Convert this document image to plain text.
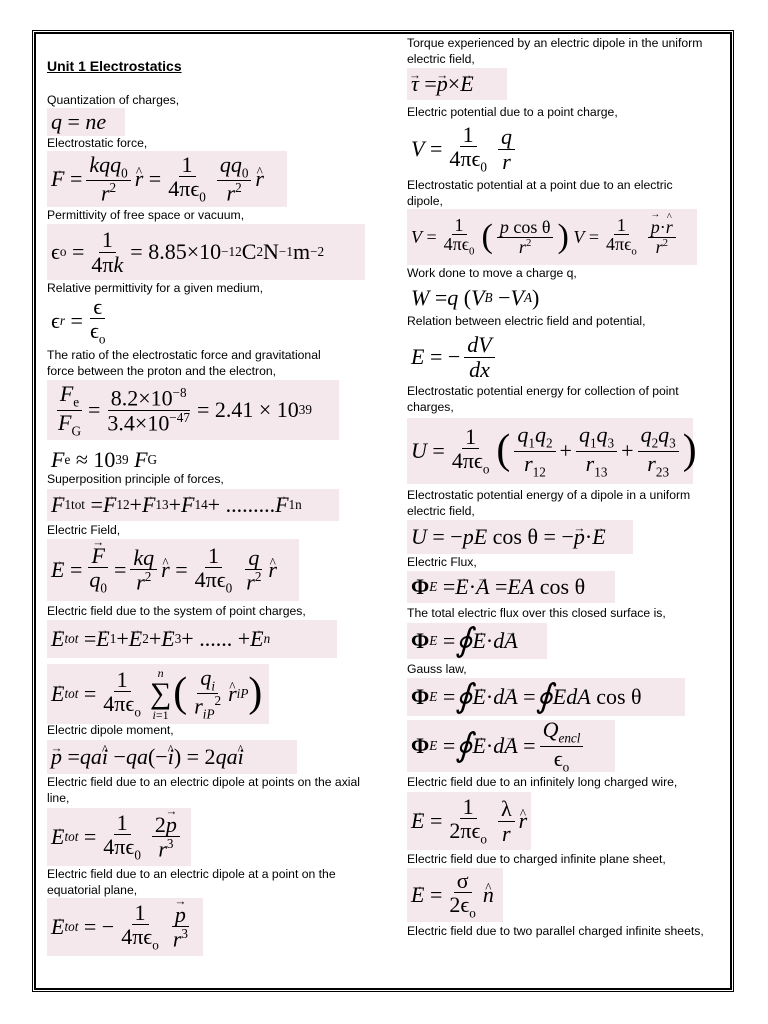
Unit 1 Electrostatics
Quantization of charges,
q = ne
Electrostatic force,
→ $F = \frac{kqq_0}{r^2}$
^ $r = \frac{1}{4\pi\epsilon_0} \frac{qq_0}{r^2}$
^ r
Permittivity of free space or vacuum,
ϵ $o = \frac{1}{4\pi k} = 8.85\times 10 -12$ C 2 N −1 m −2
Relative permittivity for a given medium,
ϵ $r = \frac{\epsilon}{\epsilon_o}$
The ratio of the electrostatic force and gravitational force between the proton and the electron,
$\frac{F_e}{F_G} = \frac{8.2\times 10^{-8}}{3.4\times 10^{-47}} = 2.41 \times 10$ 39
F e ≈ 10 39
F G
Superposition principle of forces,
→ F 1 tot =
→ F 12 +
→ F 13 +
→ F 14 + .........
→ F 1n
Electric Field,
→ E =
→ $\frac{F}{q_0} = \frac{kq}{r^2}$
^ $r = \frac{1}{4\pi\epsilon_0} \frac{q}{r^2}$
^ r
Electric field due to the system of point charges,
→ E tot =
→ E 1 +
→ E 2 +
→ E 3 + ...... +
→ E n
→ E tot = $\frac{1}{4\pi\epsilon_o}$ n
∑
i=1 ( $\frac{q_i}{r_{iP}^2}$
^ r iP )
Electric dipole moment,
→ p = qa
^ i − qa (−
^ i ) = 2 qa
^ i
Electric field due to an electric dipole at points on the axial line,
→ E tot = $\frac{1}{4\pi\epsilon_0} \frac{2\to p}{r^3}$
Electric field due to an electric dipole at a point on the equatorial plane,
→ E tot = − $\frac{1}{4\pi\epsilon_o}$
→ $\frac{p}{r^3}$
Torque experienced by an electric dipole in the uniform electric field,
→ τ =
→ p ×
→ E
Electric potential due to a point charge,
$V = \frac{1}{4\pi\epsilon_0} \frac{q}{r}$
Electrostatic potential at a point due to an electric dipole,
$V = \frac{1}{4\pi\epsilon_0}$ ( $\frac{\text{p cos θ}}{r^2}$ )
$V = \frac{1}{4\pi\epsilon_o}$
→ $\frac{p\cdot\^{} r}{r^2}$
Work done to move a charge q,
W = q ( V B − V A )
Relation between electric field and potential,
E = − $\frac{dV}{dx}$
Electrostatic potential energy for collection of point charges,
$U = \frac{1}{4\pi\epsilon_o}$ ( $\frac{q_1q_2}{r_{12}} + \frac{q_1q_3}{r_{13}} + \frac{q_2q_3}{r_{23}}$ )
Electrostatic potential energy of a dipole in a uniform electric field,
U = − pE cos θ = −
→ p ·
→ E
Electric Flux,
Φ E =
→ E ·
→ A = EA cos θ
The total electric flux over this closed surface is,
Φ E = ∮
→ E · d
→ A
Gauss law,
Φ E = ∮
→ E · d
→ A = ∮ EdA cos θ
Φ E = ∮
→ E · d
→ $A = \frac{Q_{encl}}{\epsilon_o}$
Electric field due to an infinitely long charged wire,
→ $E = \frac{1}{2\pi\epsilon_o} \frac{\lambda}{r}$
^ r
Electric field due to charged infinite plane sheet,
→ $E = \frac{\sigma}{2\epsilon_o}$
^ n
Electric field due to two parallel charged infinite sheets,
